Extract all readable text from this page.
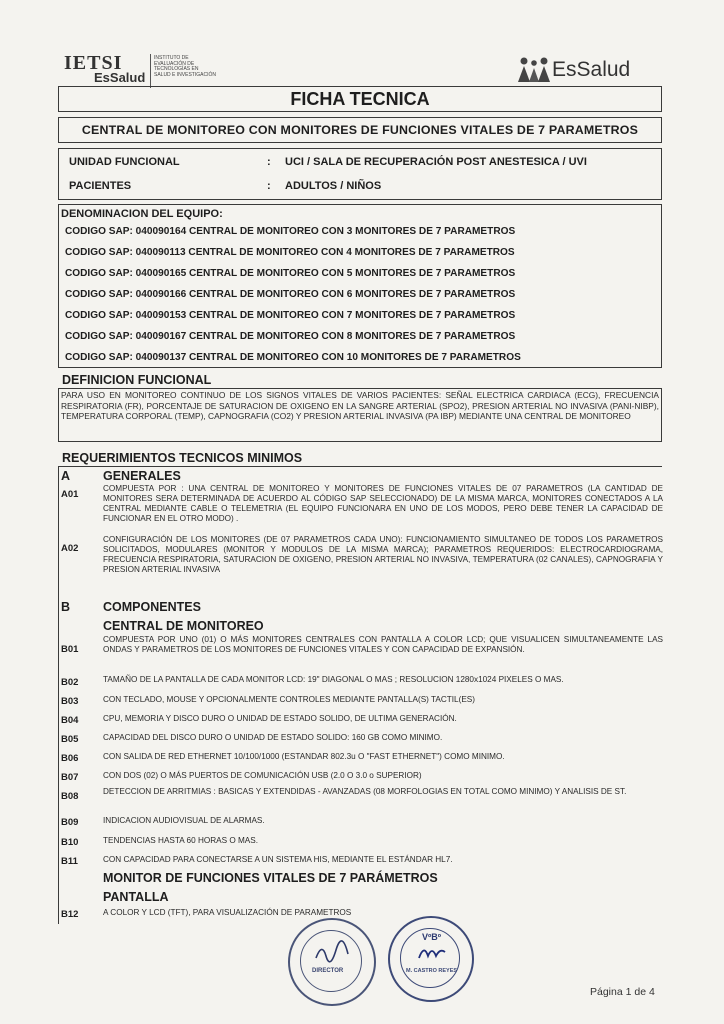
IETSI
EsSalud
INSTITUTO DE EVALUACIÓN DE TECNOLOGÍAS EN SALUD E INVESTIGACIÓN	EsSalud
FICHA TECNICA
CENTRAL DE MONITOREO CON MONITORES DE FUNCIONES VITALES DE 7 PARAMETROS
UNIDAD FUNCIONAL	: UCI / SALA DE RECUPERACIÓN POST ANESTESICA / UVI
PACIENTES	: ADULTOS / NIÑOS
DENOMINACION DEL EQUIPO:
CODIGO SAP: 040090164 CENTRAL DE MONITOREO CON 3 MONITORES DE 7 PARAMETROS
CODIGO SAP: 040090113 CENTRAL DE MONITOREO CON 4 MONITORES DE 7 PARAMETROS
CODIGO SAP: 040090165 CENTRAL DE MONITOREO CON 5 MONITORES DE 7 PARAMETROS
CODIGO SAP: 040090166 CENTRAL DE MONITOREO CON 6 MONITORES DE 7 PARAMETROS
CODIGO SAP: 040090153 CENTRAL DE MONITOREO CON 7 MONITORES DE 7 PARAMETROS
CODIGO SAP: 040090167 CENTRAL DE MONITOREO CON 8 MONITORES DE 7 PARAMETROS
CODIGO SAP: 040090137 CENTRAL DE MONITOREO CON 10 MONITORES DE 7 PARAMETROS
DEFINICION FUNCIONAL
PARA USO EN MONITOREO CONTINUO DE LOS SIGNOS VITALES DE VARIOS PACIENTES: SEÑAL ELECTRICA CARDIACA (ECG), FRECUENCIA RESPIRATORIA (FR), PORCENTAJE DE SATURACION DE OXIGENO EN LA SANGRE ARTERIAL (SPO2), PRESION ARTERIAL NO INVASIVA (PANI-NIBP), TEMPERATURA CORPORAL (TEMP), CAPNOGRAFIA (CO2) Y PRESION ARTERIAL INVASIVA (PA IBP) MEDIANTE UNA CENTRAL DE MONITOREO
REQUERIMIENTOS TECNICOS MINIMOS
A	GENERALES
A01
COMPUESTA POR : UNA CENTRAL DE MONITOREO Y MONITORES DE FUNCIONES VITALES DE 07 PARAMETROS (LA CANTIDAD DE MONITORES SERA DETERMINADA DE ACUERDO AL CÓDIGO SAP SELECCIONADO) DE LA MISMA MARCA, MONITORES CONECTADOS A LA CENTRAL MEDIANTE CABLE O TELEMETRIA (EL EQUIPO FUNCIONARA EN UNO DE LOS MODOS, PERO DEBE TENER LA CAPACIDAD DE FUNCIONAR EN EL OTRO MODO) .
A02
CONFIGURACIÓN DE LOS MONITORES (DE 07 PARAMETROS CADA UNO): FUNCIONAMIENTO SIMULTANEO DE TODOS LOS PARAMETROS SOLICITADOS, MODULARES (MONITOR Y MODULOS DE LA MISMA MARCA); PARAMETROS REQUERIDOS: ELECTROCARDIOGRAMA, FRECUENCIA RESPIRATORIA, SATURACION DE OXIGENO, PRESION ARTERIAL NO INVASIVA, TEMPERATURA (02 CANALES), CAPNOGRAFIA Y PRESION ARTERIAL INVASIVA
B	COMPONENTES
CENTRAL DE MONITOREO
B01
COMPUESTA POR UNO (01) O MÁS MONITORES CENTRALES CON PANTALLA A COLOR LCD; QUE VISUALICEN SIMULTANEAMENTE LAS ONDAS Y PARAMETROS DE LOS MONITORES DE FUNCIONES VITALES Y CON CAPACIDAD DE EXPANSIÓN.
B02	TAMAÑO DE LA PANTALLA DE CADA MONITOR LCD: 19" DIAGONAL O MAS ; RESOLUCION 1280x1024 PIXELES O MAS.
B03	CON TECLADO, MOUSE Y OPCIONALMENTE CONTROLES MEDIANTE PANTALLA(S) TACTIL(ES)
B04	CPU, MEMORIA Y DISCO DURO O UNIDAD DE ESTADO SOLIDO, DE ULTIMA GENERACIÓN.
B05	CAPACIDAD DEL DISCO DURO O UNIDAD DE ESTADO SOLIDO: 160 GB COMO MINIMO.
B06	CON SALIDA DE RED ETHERNET 10/100/1000 (ESTANDAR 802.3u O "FAST ETHERNET") COMO MINIMO.
B07	CON DOS (02) O MÁS PUERTOS DE COMUNICACIÓN USB (2.0 O 3.0 o SUPERIOR)
B08	DETECCION DE ARRITMIAS : BASICAS Y EXTENDIDAS - AVANZADAS (08 MORFOLOGIAS EN TOTAL COMO MINIMO) Y ANALISIS DE ST.
B09	INDICACION AUDIOVISUAL DE ALARMAS.
B10	TENDENCIAS HASTA 60 HORAS O MAS.
B11	CON CAPACIDAD PARA CONECTARSE A UN SISTEMA HIS, MEDIANTE EL ESTÁNDAR HL7.
MONITOR DE FUNCIONES VITALES DE 7 PARÁMETROS
PANTALLA
B12	A COLOR Y LCD (TFT), PARA VISUALIZACIÓN DE PARAMETROS
DIRECTOR
VºBº
M. CASTRO REYES
Página 1 de 4
